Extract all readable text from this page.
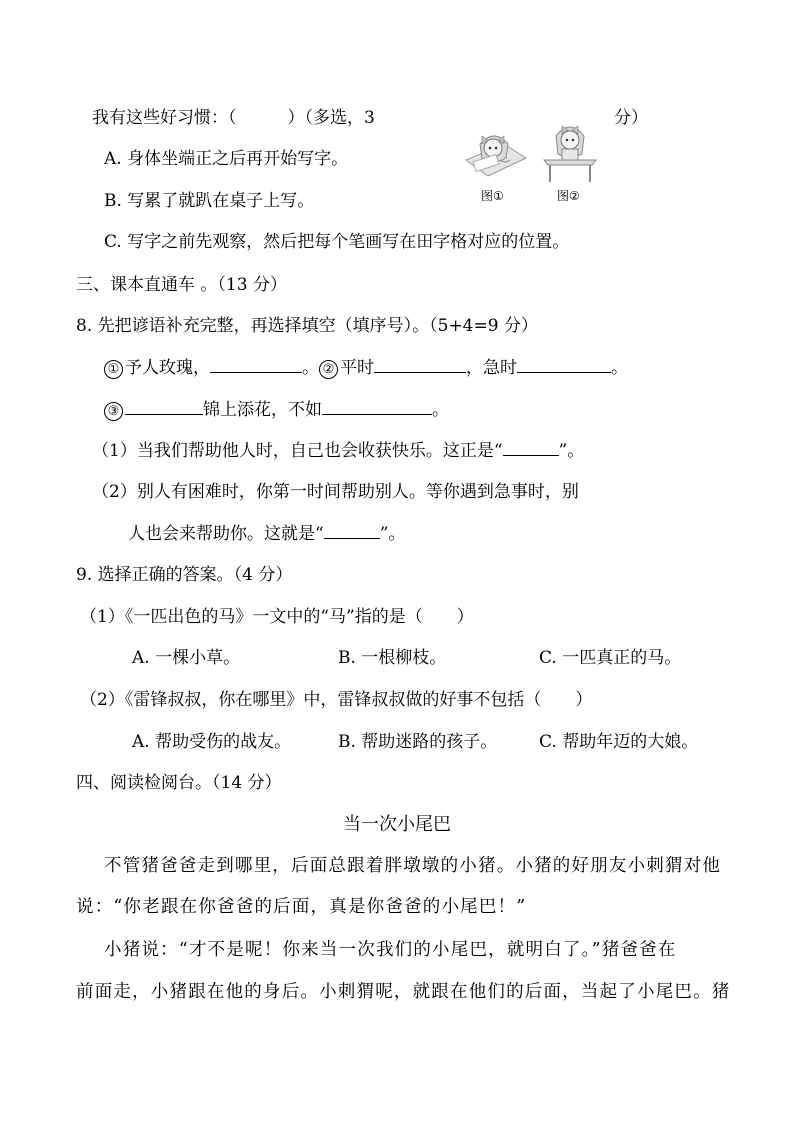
我有这些好习惯：（　　　）（多选，3	分）
A. 身体坐端正之后再开始写字。
B. 写累了就趴在桌子上写。
C. 写字之前先观察，然后把每个笔画写在田字格对应的位置。
图①	图②
三、课本直通车 。（13 分）
8. 先把谚语补充完整，再选择填空（填序号）。（5+4=9 分）
① 予人玫瑰，	。 ② 平时	，急时	。
③	锦上添花，不如	。
（1）当我们帮助他人时，自己也会收获快乐。这正是“	”。
（2）别人有困难时，你第一时间帮助别人。等你遇到急事时，别
人也会来帮助你。这就是“	”。
9. 选择正确的答案。（4 分）
（1）《一匹出色的马》一文中的“马”指的是（　　）
A. 一棵小草。	B. 一根柳枝。	C. 一匹真正的马。
（2）《雷锋叔叔，你在哪里》中，雷锋叔叔做的好事不包括（　　）
A. 帮助受伤的战友。	B. 帮助迷路的孩子。 C. 帮助年迈的大娘。
四、阅读检阅台。（14 分）
当一次小尾巴
不管猪爸爸走到哪里，后面总跟着胖墩墩的小猪。小猪的好朋友小刺猬对他
说：“你老跟在你爸爸的后面，真是你爸爸的小尾巴！”
小猪说：“才不是呢！你来当一次我们的小尾巴，就明白了。”猪爸爸在
前面走，小猪跟在他的身后。小刺猬呢，就跟在他们的后面，当起了小尾巴。猪
